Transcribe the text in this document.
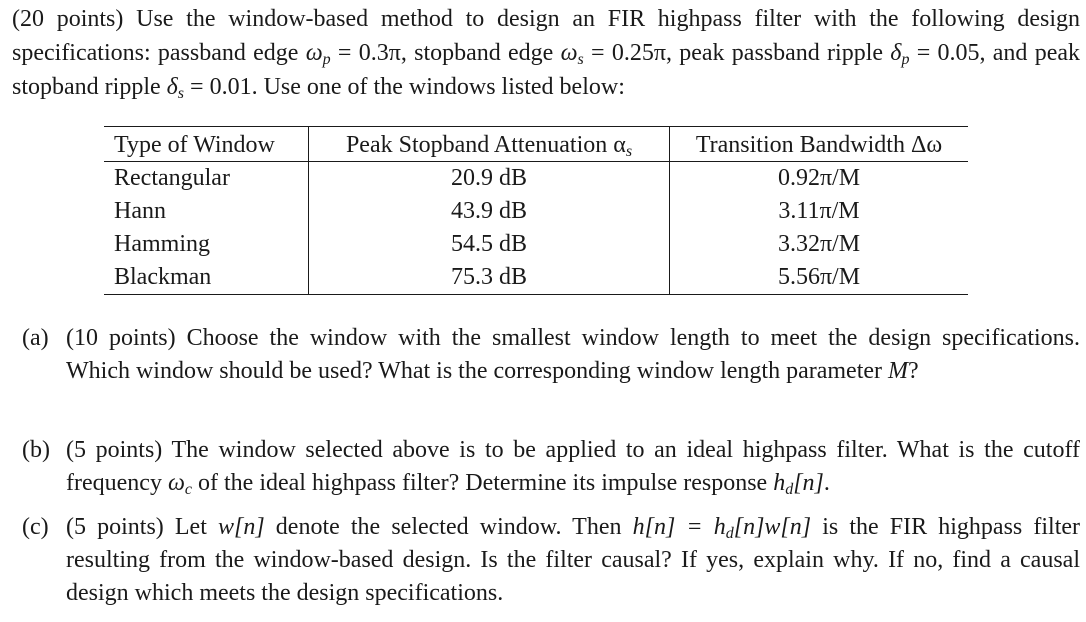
(20 points) Use the window-based method to design an FIR highpass filter with the following design specifications: passband edge $\omega_p = 0.3\pi$, stopband edge $\omega_s = 0.25\pi$, peak passband ripple $\delta_p = 0.05$, and peak stopband ripple $\delta_s = 0.01$. Use one of the windows listed below:
Type of Window	Peak Stopband Attenuation $\alpha_s$	Transition Bandwidth Δω
Rectangular	20.9 dB	0.92π/M
Hann	43.9 dB	3.11π/M
Hamming	54.5 dB	3.32π/M
Blackman	75.3 dB	5.56π/M
(a) (10 points) Choose the window with the smallest window length to meet the design specifications. Which window should be used? What is the corresponding window length parameter M?
(b) (5 points) The window selected above is to be applied to an ideal highpass filter. What is the cutoff frequency $\omega_c$ of the ideal highpass filter? Determine its impulse response $h_d[n]$.
(c) (5 points) Let w[n] denote the selected window. Then $h[n] = h_d[n]w[n]$ is the FIR highpass filter resulting from the window-based design. Is the filter causal? If yes, explain why. If no, find a causal design which meets the design specifications.
